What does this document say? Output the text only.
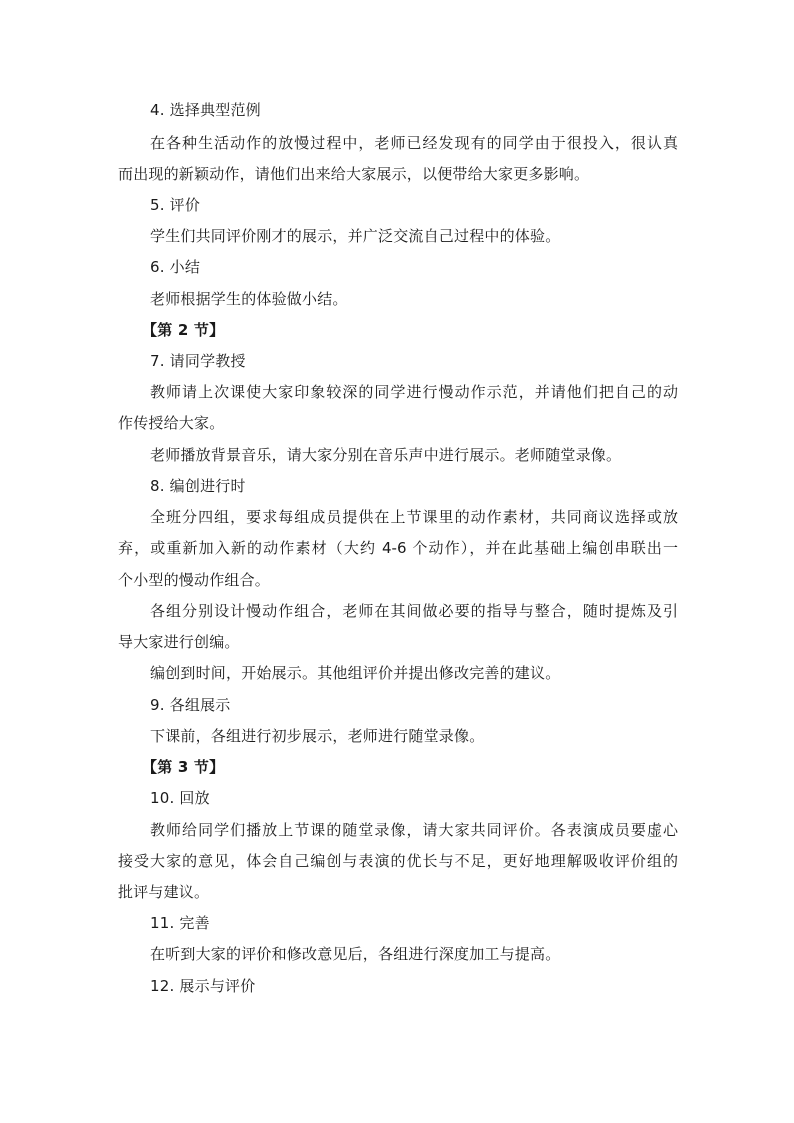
4. 选择典型范例
在各种生活动作的放慢过程中，老师已经发现有的同学由于很投入，很认真
而出现的新颖动作，请他们出来给大家展示，以便带给大家更多影响。
5. 评价
学生们共同评价刚才的展示，并广泛交流自己过程中的体验。
6. 小结
老师根据学生的体验做小结。
【第 2 节】
7. 请同学教授
教师请上次课使大家印象较深的同学进行慢动作示范，并请他们把自己的动
作传授给大家。
老师播放背景音乐，请大家分别在音乐声中进行展示。老师随堂录像。
8. 编创进行时
全班分四组，要求每组成员提供在上节课里的动作素材，共同商议选择或放
弃，或重新加入新的动作素材（大约 4-6 个动作），并在此基础上编创串联出一
个小型的慢动作组合。
各组分别设计慢动作组合，老师在其间做必要的指导与整合，随时提炼及引
导大家进行创编。
编创到时间，开始展示。其他组评价并提出修改完善的建议。
9. 各组展示
下课前，各组进行初步展示，老师进行随堂录像。
【第 3 节】
10. 回放
教师给同学们播放上节课的随堂录像，请大家共同评价。各表演成员要虚心
接受大家的意见，体会自己编创与表演的优长与不足，更好地理解吸收评价组的
批评与建议。
11. 完善
在听到大家的评价和修改意见后，各组进行深度加工与提高。
12. 展示与评价
